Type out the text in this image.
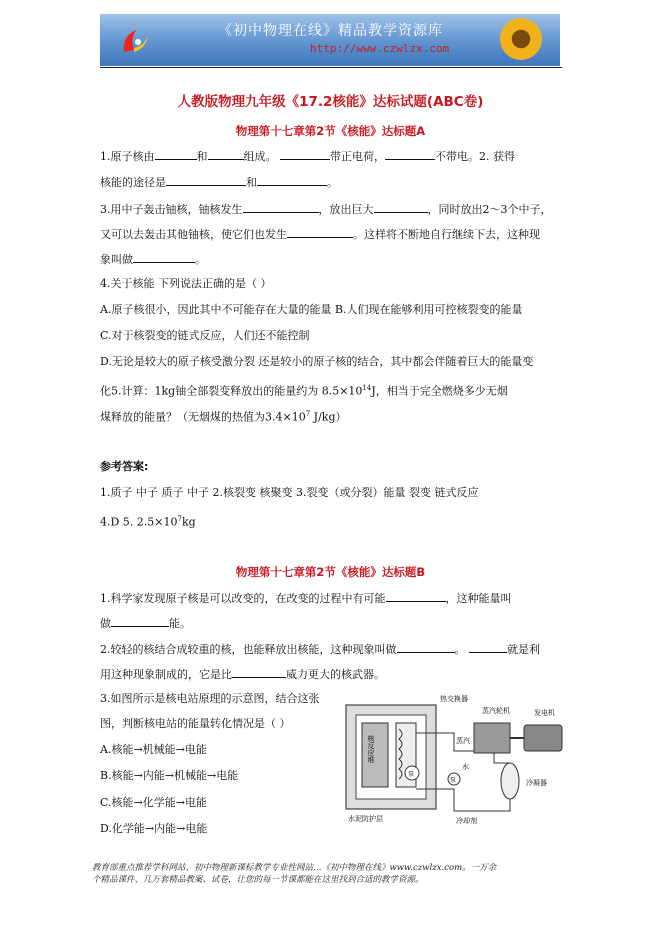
《初中物理在线》精品教学资源库
http://www.czwlzx.com
人教版物理九年级《17.2核能》达标试题(ABC卷)
物理第十七章第2节《核能》达标题A
1.原子核由	和	组成。	带正电荷，	不带电。2. 获得
核能的途径是	和	。
3.用中子轰击铀核，铀核发生	，放出巨大	，同时放出2～3个中子，
又可以去轰击其他铀核，使它们也发生	。这样将不断地自行继续下去，这种现
象叫做	。
4.关于核能 下列说法正确的是（ ）
A.原子核很小，因此其中不可能存在大量的能量 B.人们现在能够利用可控核裂变的能量
C.对于核裂变的链式反应，人们还不能控制
D.无论是较大的原子核受激分裂 还是较小的原子核的结合，其中都会伴随着巨大的能量变
化5.计算：1kg铀全部裂变释放出的能量约为 $8.5\times 10^{14}J$，相当于完全燃烧多少无烟
煤释放的能量？（无烟煤的热值为$3.4\times 10^7$ J/kg）
参考答案:
1.质子 中子 质子 中子 2.核裂变 核聚变 3.裂变（或分裂）能量 裂变 链式反应
4.D 5. $2.5\times 10^7kg$
物理第十七章第2节《核能》达标题B
1.科学家发现原子核是可以改变的，在改变的过程中有可能	，这种能量叫
做	能。
2.较轻的核结合成较重的核，也能释放出核能，这种现象叫做	。	就是利
用这种现象制成的，它是比	威力更大的核武器。
3.如图所示是核电站原理的示意图，结合这张
图，判断核电站的能量转化情况是（ ）
A.核能→机械能→电能
B.核能→内能→机械能→电能
C.核能→化学能→电能
D.化学能→内能→电能
核反应堆
泵
泵
热交换器
蒸汽轮机	发电机
蒸汽
水
冷凝器
水泥防护层	冷却剂
教育部重点推荐学科网站、初中物理新课标教学专业性网站…《初中物理在线》www.czwlzx.com。一万余
个精品课件、几万套精品教案、试卷，让您的每一节课都能在这里找到合适的教学资源。
